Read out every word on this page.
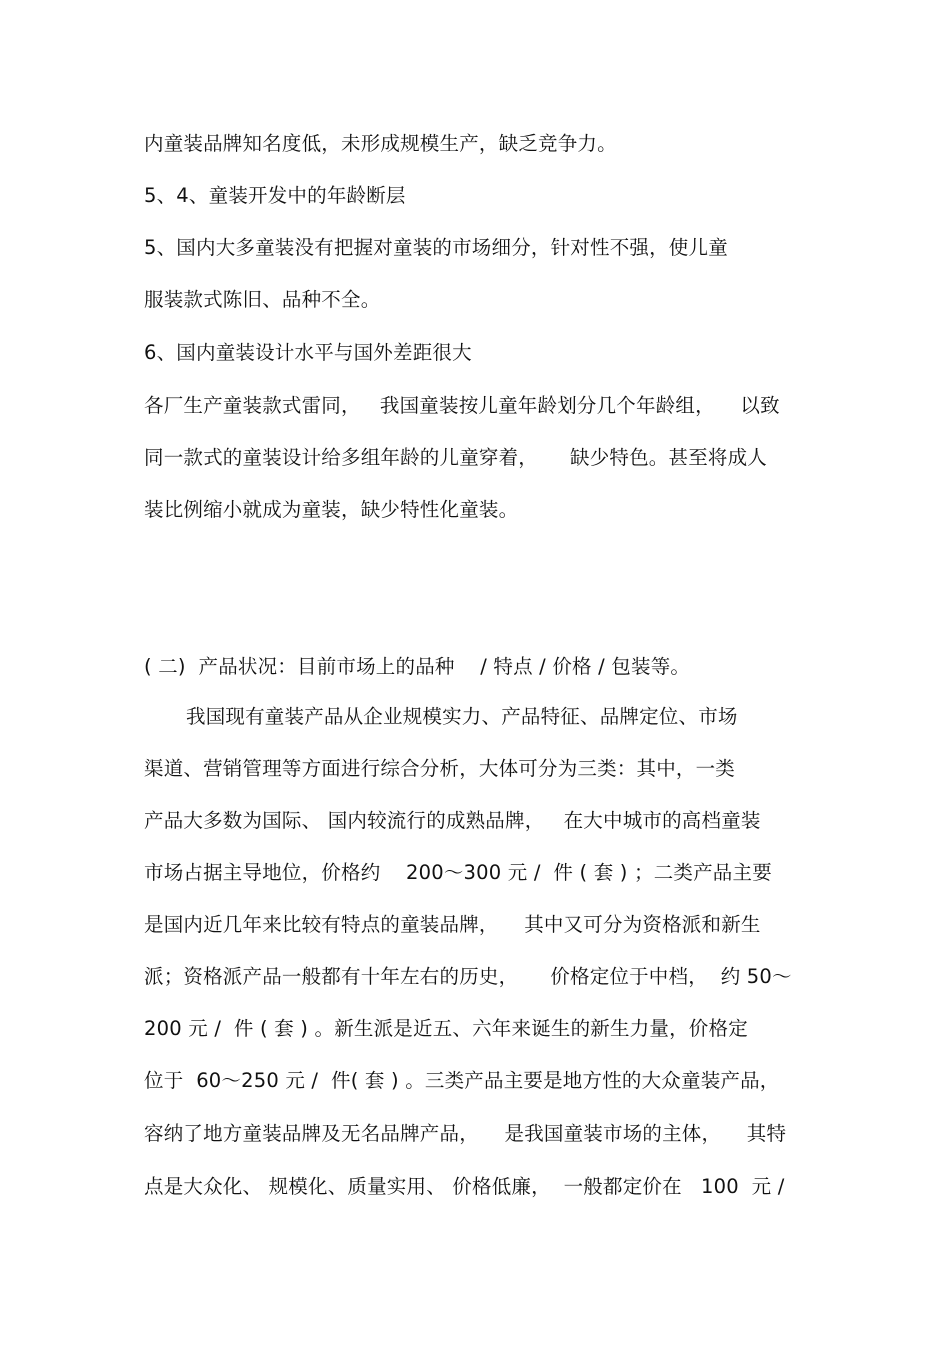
内童装品牌知名度低，未形成规模生产，缺乏竞争力。
5、4、童装开发中的年龄断层
5、国内大多童装没有把握对童装的市场细分，针对性不强，使儿童
服装款式陈旧、品种不全。
6、国内童装设计水平与国外差距很大
各厂生产童装款式雷同，   我国童装按儿童年龄划分几个年龄组，    以致
同一款式的童装设计给多组年龄的儿童穿着，     缺少特色。甚至将成人
装比例缩小就成为童装，缺少特性化童装。
( 二)  产品状况：目前市场上的品种    / 特点 / 价格 / 包装等。
我国现有童装产品从企业规模实力、产品特征、品牌定位、市场
渠道、营销管理等方面进行综合分析，大体可分为三类：其中，一类
产品大多数为国际、 国内较流行的成熟品牌，   在大中城市的高档童装
市场占据主导地位，价格约    200～300 元 /  件 ( 套 ) ；二类产品主要
是国内近几年来比较有特点的童装品牌，    其中又可分为资格派和新生
派；资格派产品一般都有十年左右的历史，     价格定位于中档，  约 50～
200 元 /  件 ( 套 ) 。新生派是近五、六年来诞生的新生力量，价格定
位于  60～250 元 /  件( 套 ) 。三类产品主要是地方性的大众童装产品，
容纳了地方童装品牌及无名品牌产品，    是我国童装市场的主体，    其特
点是大众化、 规模化、质量实用、 价格低廉，  一般都定价在   100  元 /
